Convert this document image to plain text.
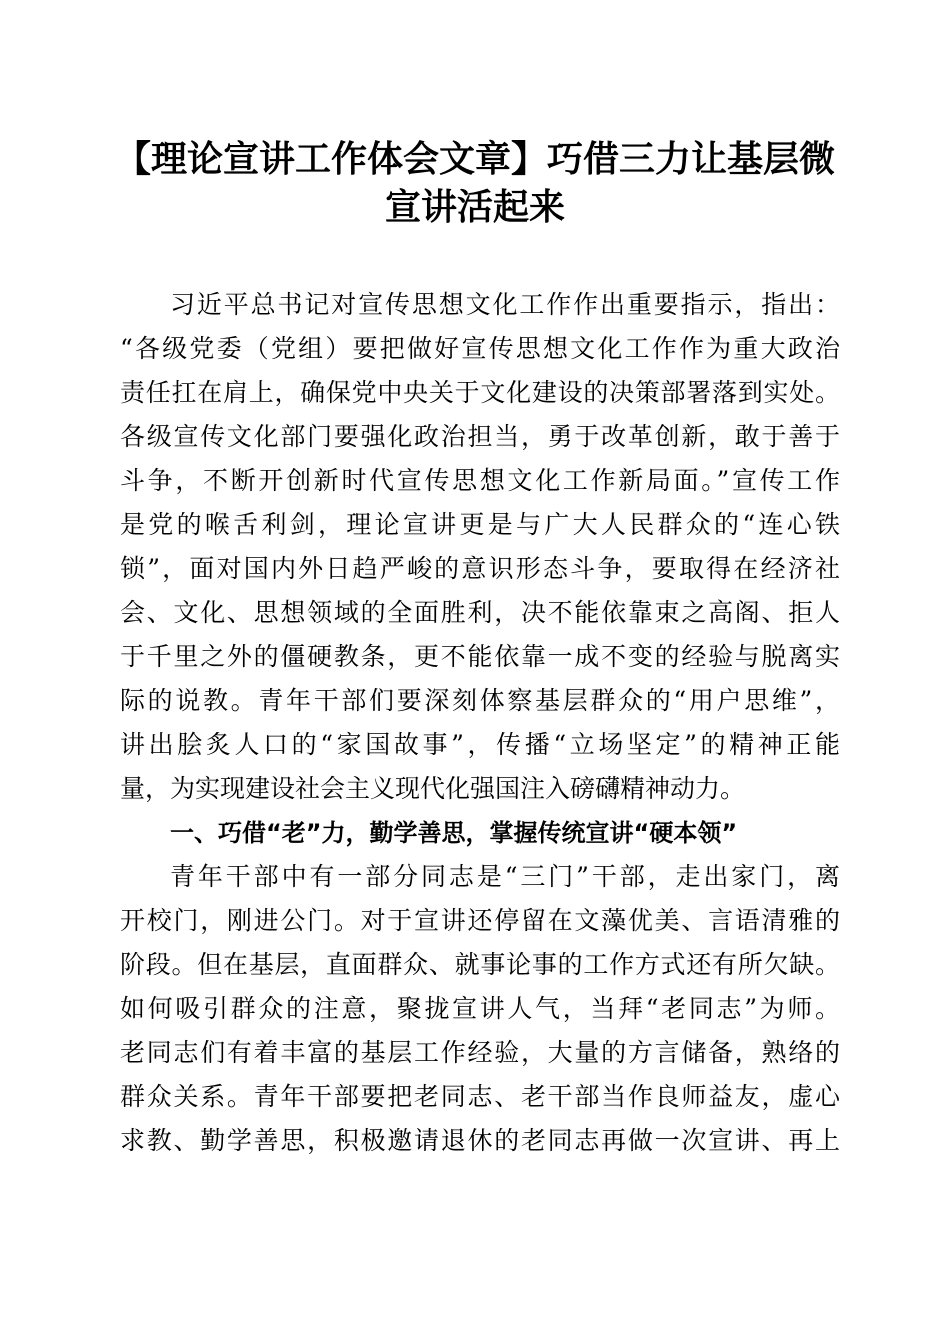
【理论宣讲工作体会文章】巧借三力让基层微
宣讲活起来
习近平总书记对宣传思想文化工作作出重要指示，指出：
“各级党委（党组）要把做好宣传思想文化工作作为重大政治
责任扛在肩上，确保党中央关于文化建设的决策部署落到实处。
各级宣传文化部门要强化政治担当，勇于改革创新，敢于善于
斗争，不断开创新时代宣传思想文化工作新局面。”宣传工作
是党的喉舌利剑，理论宣讲更是与广大人民群众的“连心铁
锁”，面对国内外日趋严峻的意识形态斗争，要取得在经济社
会、文化、思想领域的全面胜利，决不能依靠束之高阁、拒人
于千里之外的僵硬教条，更不能依靠一成不变的经验与脱离实
际的说教。青年干部们要深刻体察基层群众的“用户思维”，
讲出脍炙人口的“家国故事”，传播“立场坚定”的精神正能
量，为实现建设社会主义现代化强国注入磅礴精神动力。
一、巧借“老”力，勤学善思，掌握传统宣讲“硬本领”
青年干部中有一部分同志是“三门”干部，走出家门，离
开校门，刚进公门。对于宣讲还停留在文藻优美、言语清雅的
阶段。但在基层，直面群众、就事论事的工作方式还有所欠缺。
如何吸引群众的注意，聚拢宣讲人气，当拜“老同志”为师。
老同志们有着丰富的基层工作经验，大量的方言储备，熟络的
群众关系。青年干部要把老同志、老干部当作良师益友，虚心
求教、勤学善思，积极邀请退休的老同志再做一次宣讲、再上
